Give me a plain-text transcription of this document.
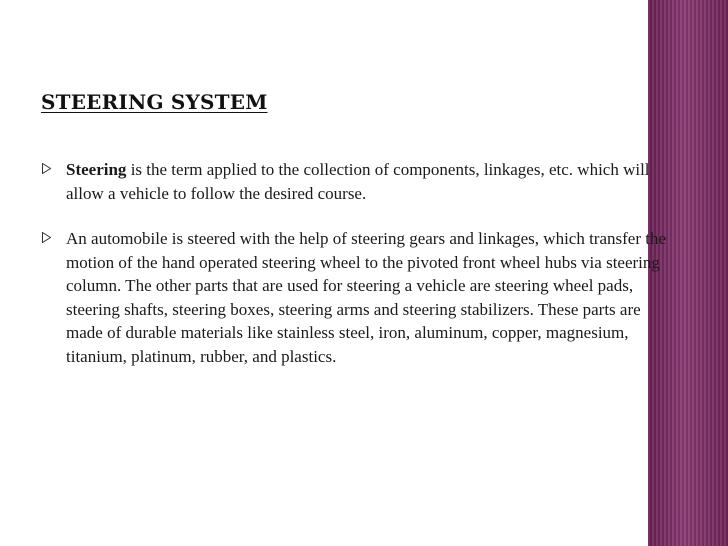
STEERING SYSTEM
Steering is the term applied to the collection of components, linkages, etc. which will allow a vehicle to follow the desired course.
An automobile is steered with the help of steering gears and linkages, which transfer the motion of the hand operated steering wheel to the pivoted front wheel hubs via steering column. The other parts that are used for steering a vehicle are steering wheel pads, steering shafts, steering boxes, steering arms and steering stabilizers. These parts are made of durable materials like stainless steel, iron, aluminum, copper, magnesium, titanium, platinum, rubber, and plastics.
